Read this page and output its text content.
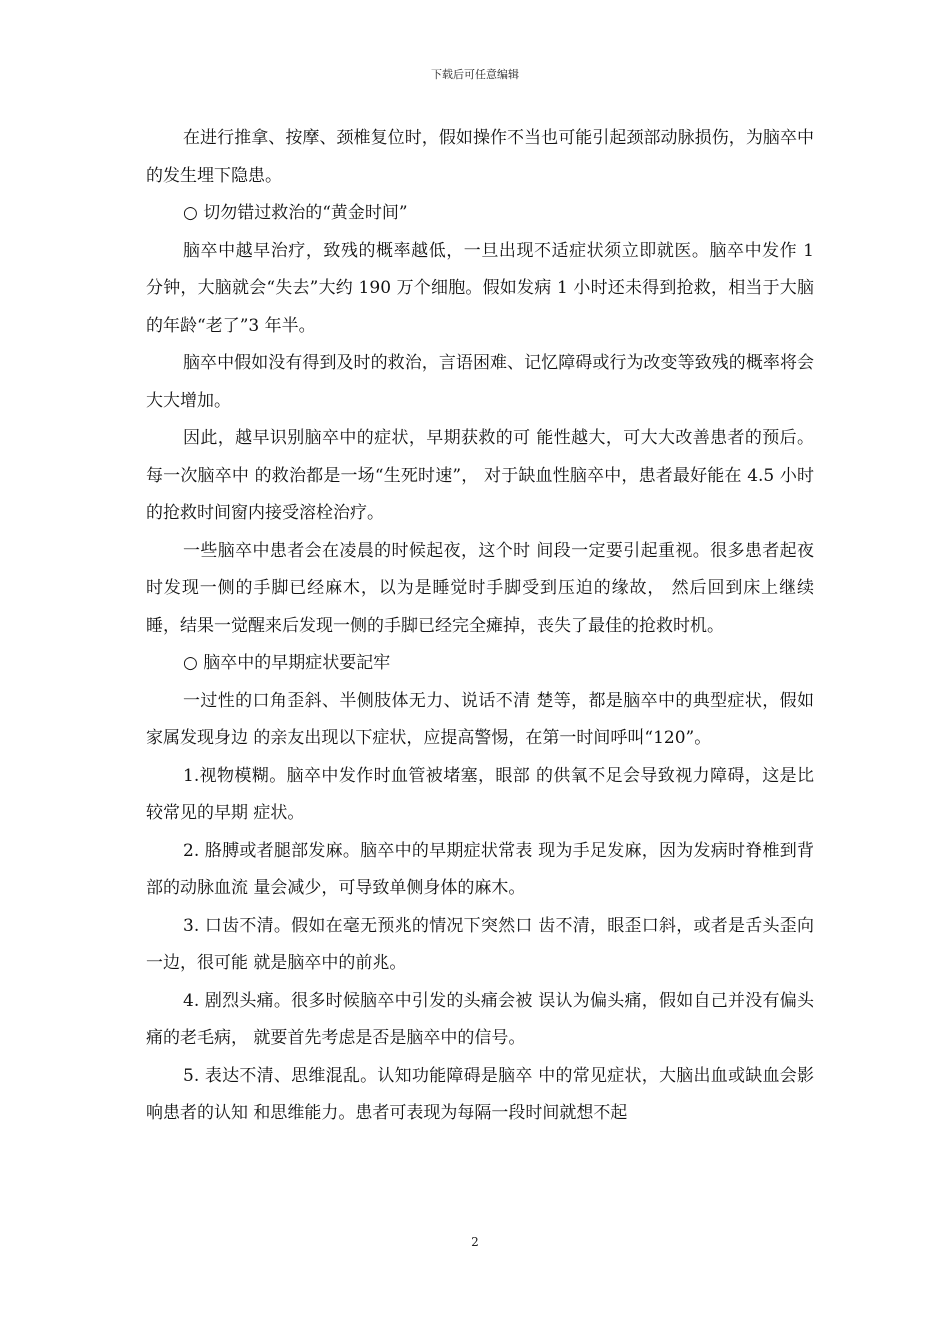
下载后可任意编辑

在进行推拿、按摩、颈椎复位时，假如操作不当也可能引起颈部动脉损伤，为脑卒中的发生埋下隐患。

○ 切勿错过救治的“黄金时间”

脑卒中越早治疗，致残的概率越低，一旦出现不适症状须立即就医。脑卒中发作 1 分钟，大脑就会“失去”大约 190 万个细胞。假如发病 1 小时还未得到抢救，相当于大脑的年龄“老了”3 年半。

脑卒中假如没有得到及时的救治，言语困难、记忆障碍或行为改变等致残的概率将会大大增加。

因此，越早识别脑卒中的症状，早期获救的可 能性越大，可大大改善患者的预后。每一次脑卒中 的救治都是一场“生死时速”， 对于缺血性脑卒中，患者最好能在 4.5 小时的抢救时间窗内接受溶栓治疗。

一些脑卒中患者会在凌晨的时候起夜，这个时 间段一定要引起重视。很多患者起夜时发现一侧的手脚已经麻木，以为是睡觉时手脚受到压迫的缘故， 然后回到床上继续睡，结果一觉醒来后发现一侧的手脚已经完全瘫掉，丧失了最佳的抢救时机。

○ 脑卒中的早期症状要記牢

一过性的口角歪斜、半侧肢体无力、说话不清 楚等，都是脑卒中的典型症状，假如家属发现身边 的亲友出现以下症状，应提高警惕，在第一时间呼叫“120”。

1.视物模糊。脑卒中发作时血管被堵塞，眼部 的供氧不足会导致视力障碍，这是比较常见的早期 症状。

2. 胳膊或者腿部发麻。脑卒中的早期症状常表 现为手足发麻，因为发病时脊椎到背部的动脉血流 量会减少，可导致单侧身体的麻木。

3. 口齿不清。假如在毫无预兆的情况下突然口 齿不清，眼歪口斜，或者是舌头歪向一边，很可能 就是脑卒中的前兆。

4. 剧烈头痛。很多时候脑卒中引发的头痛会被 误认为偏头痛，假如自己并没有偏头痛的老毛病， 就要首先考虑是否是脑卒中的信号。

5. 表达不清、思维混乱。认知功能障碍是脑卒 中的常见症状，大脑出血或缺血会影响患者的认知 和思维能力。患者可表现为每隔一段时间就想不起

2
